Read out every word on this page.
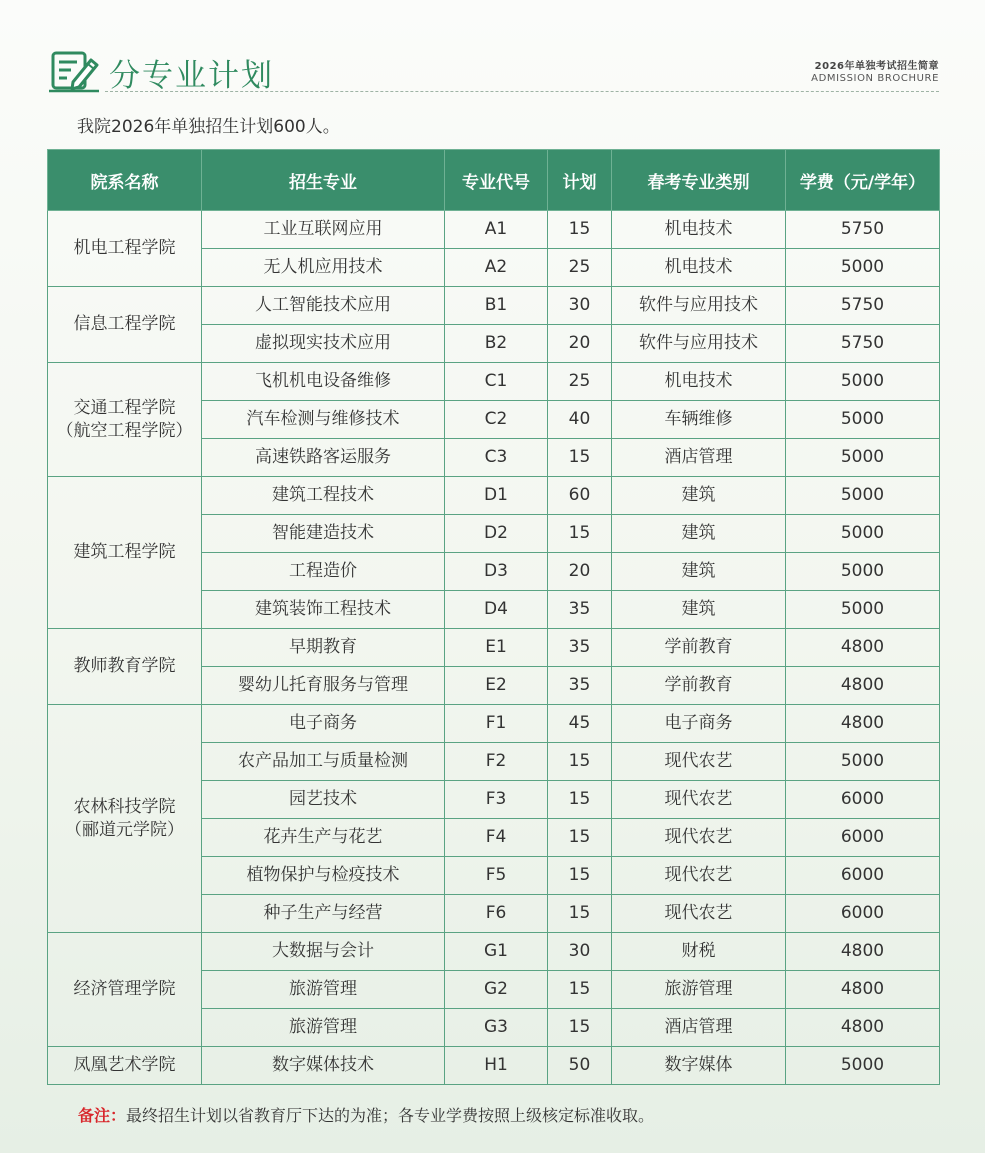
分专业计划	2026年单独考试招生简章
ADMISSION BROCHURE
我院2026年单独招生计划600人。
院系名称	招生专业	专业代号	计划	春考专业类别	学费（元/学年）

机电工程学院	工业互联网应用	A1	15	机电技术	5750
	无人机应用技术	A2	25	机电技术	5000

信息工程学院	人工智能技术应用	B1	30	软件与应用技术	5750
	虚拟现实技术应用	B2	20	软件与应用技术	5750

交通工程学院
（航空工程学院）	飞机机电设备维修	C1	25	机电技术	5000
	汽车检测与维修技术	C2	40	车辆维修	5000
	高速铁路客运服务	C3	15	酒店管理	5000

建筑工程学院	建筑工程技术	D1	60	建筑	5000
	智能建造技术	D2	15	建筑	5000
	工程造价	D3	20	建筑	5000
	建筑装饰工程技术	D4	35	建筑	5000

教师教育学院	早期教育	E1	35	学前教育	4800
	婴幼儿托育服务与管理	E2	35	学前教育	4800

农林科技学院
（郦道元学院）	电子商务	F1	45	电子商务	4800
	农产品加工与质量检测	F2	15	现代农艺	5000
	园艺技术	F3	15	现代农艺	6000
	花卉生产与花艺	F4	15	现代农艺	6000
	植物保护与检疫技术	F5	15	现代农艺	6000
	种子生产与经营	F6	15	现代农艺	6000

经济管理学院	大数据与会计	G1	30	财税	4800
	旅游管理	G2	15	旅游管理	4800
	旅游管理	G3	15	酒店管理	4800

凤凰艺术学院	数字媒体技术	H1	50	数字媒体	5000
备注：最终招生计划以省教育厅下达的为准；各专业学费按照上级核定标准收取。
